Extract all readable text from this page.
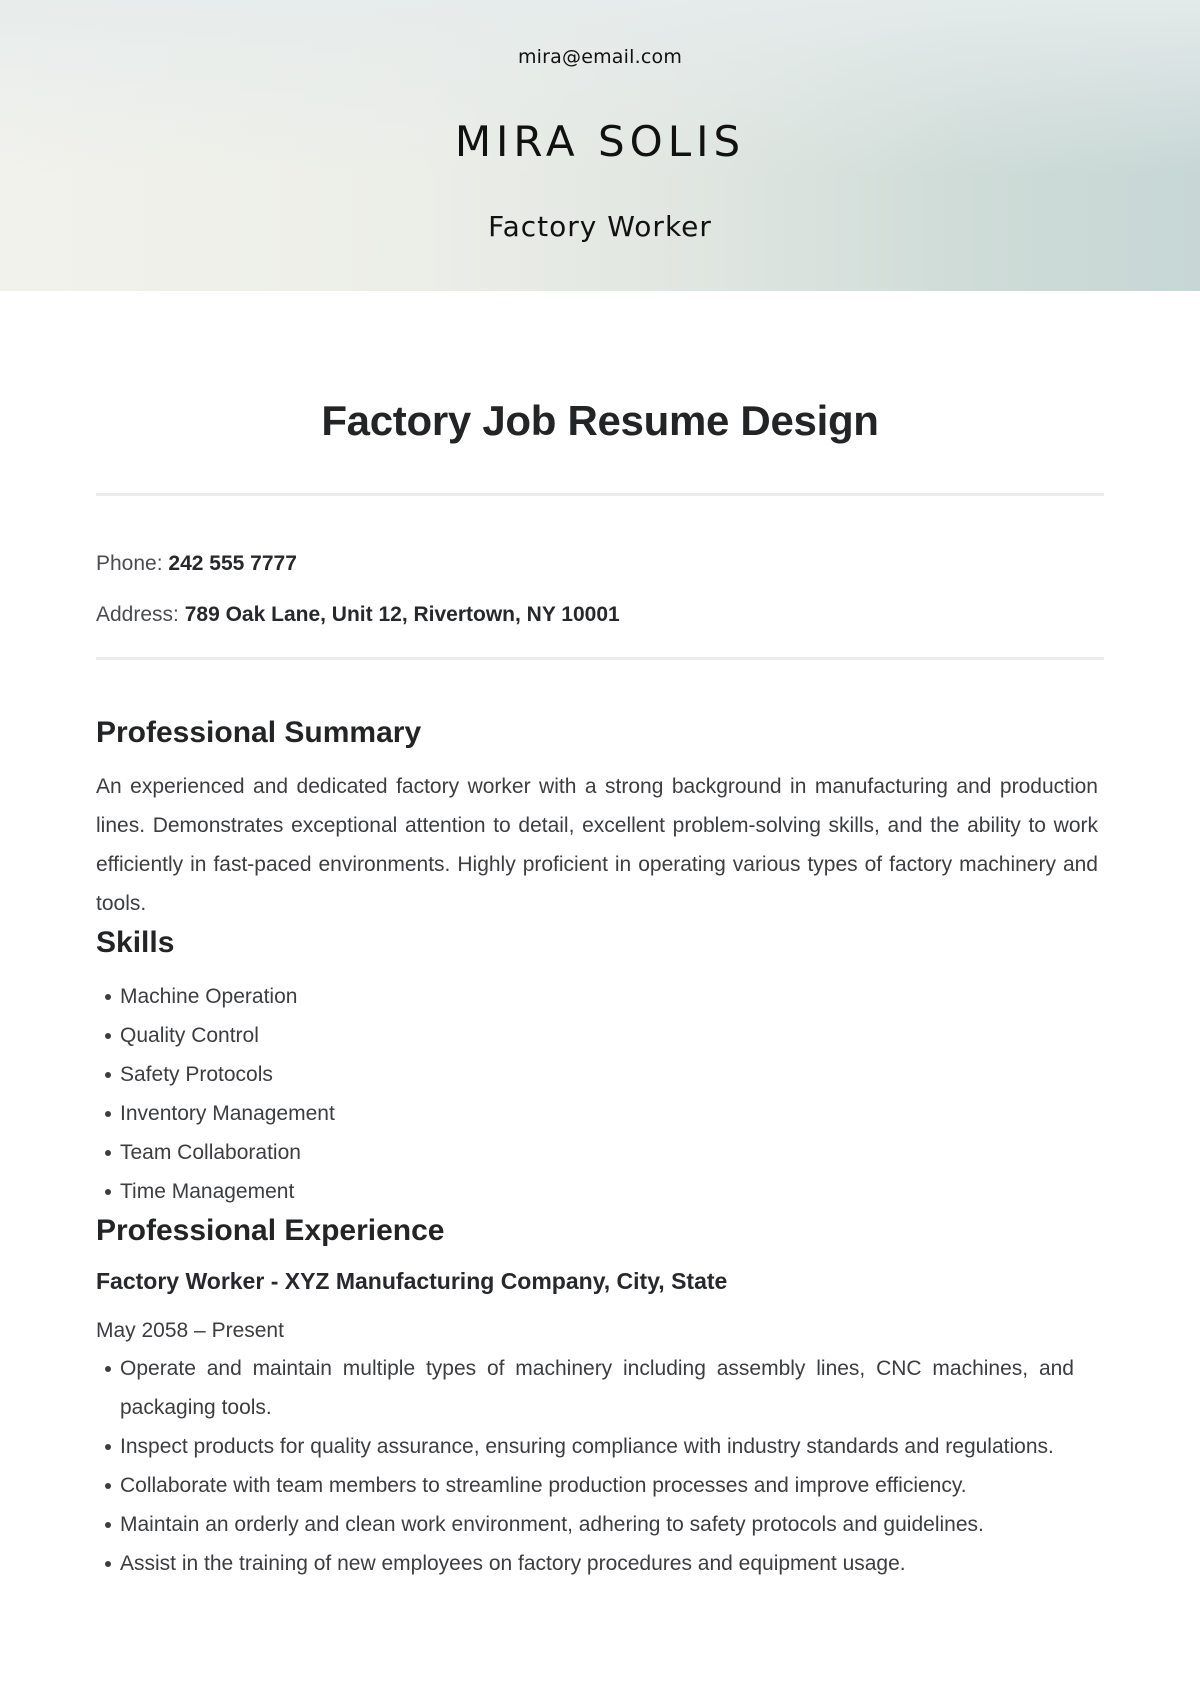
mira@email.com
MIRA SOLIS
Factory Worker
Factory Job Resume Design
Phone: 242 555 7777
Address: 789 Oak Lane, Unit 12, Rivertown, NY 10001
Professional Summary

An experienced and dedicated factory worker with a strong background in manufacturing and production lines. Demonstrates exceptional attention to detail, excellent problem-solving skills, and the ability to work efficiently in fast-paced environments. Highly proficient in operating various types of factory machinery and tools.

Skills
Machine Operation
Quality Control
Safety Protocols
Inventory Management
Team Collaboration
Time Management
Professional Experience
Factory Worker - XYZ Manufacturing Company, City, State
May 2058 – Present
Operate and maintain multiple types of machinery including assembly lines, CNC machines, and packaging tools.
Inspect products for quality assurance, ensuring compliance with industry standards and regulations.
Collaborate with team members to streamline production processes and improve efficiency.
Maintain an orderly and clean work environment, adhering to safety protocols and guidelines.
Assist in the training of new employees on factory procedures and equipment usage.
